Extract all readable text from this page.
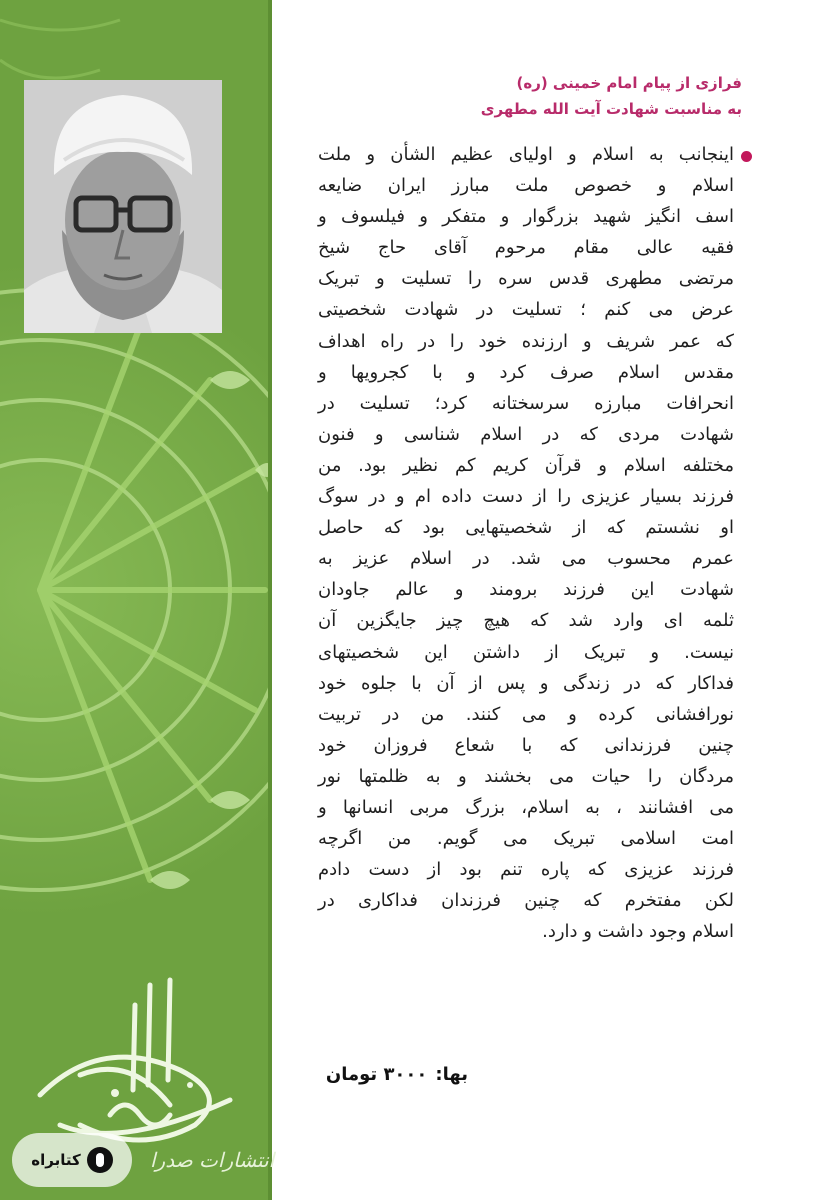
فرازی از پیام امام خمینی (ره)
به مناسبت شهادت آیت الله مطهری
اینجانب به اسلام و اولیای عظیم الشأن و ملت
اسلام و خصوص ملت مبارز ایران ضایعه
اسف انگیز شهید بزرگوار و متفکر و فیلسوف و
فقیه عالی مقام مرحوم آقای حاج شیخ
مرتضی مطهری قدس سره را تسلیت و تبریک
عرض می کنم ؛ تسلیت در شهادت شخصیتی
که عمر شریف و ارزنده خود را در راه اهداف
مقدس اسلام صرف کرد و با کجرویها و
انحرافات مبارزه سرسختانه کرد؛ تسلیت در
شهادت مردی که در اسلام شناسی و فنون
مختلفه اسلام و قرآن کریم کم نظیر بود. من
فرزند بسیار عزیزی را از دست داده ام و در سوگ
او نشستم که از شخصیتهایی بود که حاصل
عمرم محسوب می شد. در اسلام عزیز به
شهادت این فرزند برومند و عالم جاودان
ثلمه ای وارد شد که هیچ چیز جایگزین آن
نیست. و تبریک از داشتن این شخصیتهای
فداکار که در زندگی و پس از آن با جلوه خود
نورافشانی کرده و می کنند. من در تربیت
چنین فرزندانی که با شعاع فروزان خود
مردگان را حیات می بخشند و به ظلمتها نور
می افشانند ، به اسلام، بزرگ مربی انسانها و
امت اسلامی تبریک می گویم. من اگرچه
فرزند عزیزی که پاره تنم بود از دست دادم
لکن مفتخرم که چنین فرزندان فداکاری در
اسلام وجود داشت و دارد.
بها:۳۰۰۰ تومان
انتشارات صدرا
کتابراه
